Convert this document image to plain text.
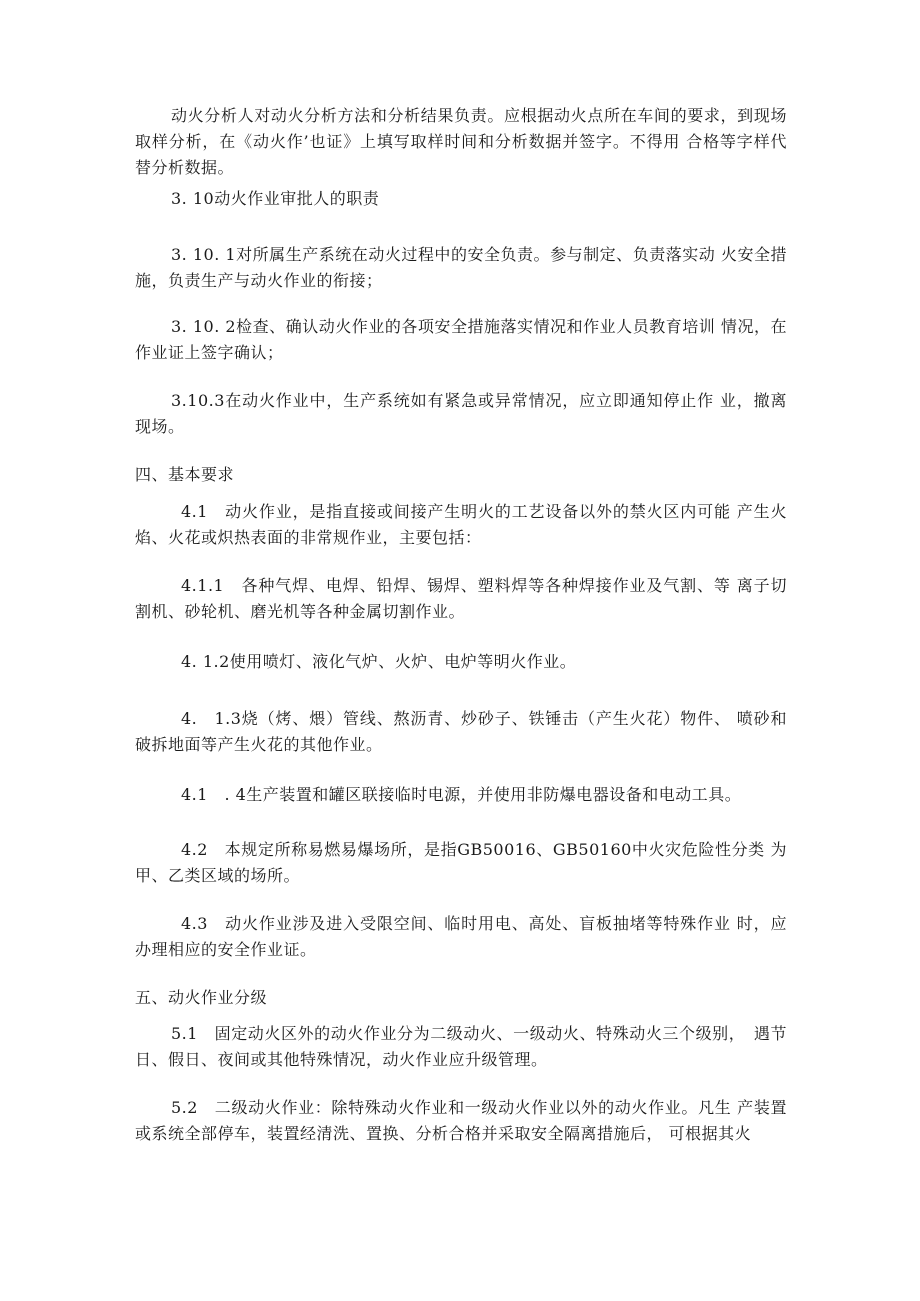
动火分析人对动火分析方法和分析结果负责。应根据动火点所在车间的要求，到现场取样分析，在《动火作’也证》上填写取样时间和分析数据并签字。不得用 合格等字样代替分析数据。

3. 10动火作业审批人的职责

3. 10. 1对所属生产系统在动火过程中的安全负责。参与制定、负责落实动 火安全措施，负责生产与动火作业的衔接；

3. 10. 2检查、确认动火作业的各项安全措施落实情况和作业人员教育培训 情况，在作业证上签字确认；

3.10.3在动火作业中，生产系统如有紧急或异常情况，应立即通知停止作 业，撤离现场。

四、基本要求

4.1　动火作业，是指直接或间接产生明火的工艺设备以外的禁火区内可能 产生火焰、火花或炽热表面的非常规作业，主要包括：

4.1.1　各种气焊、电焊、铅焊、锡焊、塑料焊等各种焊接作业及气割、等 离子切割机、砂轮机、磨光机等各种金属切割作业。

4. 1.2使用喷灯、液化气炉、火炉、电炉等明火作业。

4.　1.3烧（烤、煨）管线、熬沥青、炒砂子、铁锤击（产生火花）物件、 喷砂和破拆地面等产生火花的其他作业。

4.1　. 4生产装置和罐区联接临时电源，并使用非防爆电器设备和电动工具。

4.2　本规定所称易燃易爆场所，是指GB50016、GB50160中火灾危险性分类 为甲、乙类区域的场所。

4.3　动火作业涉及进入受限空间、临时用电、高处、盲板抽堵等特殊作业 时，应办理相应的安全作业证。

五、动火作业分级

5.1　固定动火区外的动火作业分为二级动火、一级动火、特殊动火三个级别，　遇节日、假日、夜间或其他特殊情况，动火作业应升级管理。

5.2　二级动火作业：除特殊动火作业和一级动火作业以外的动火作业。凡生 产装置或系统全部停车，装置经清洗、置换、分析合格并采取安全隔离措施后， 可根据其火
